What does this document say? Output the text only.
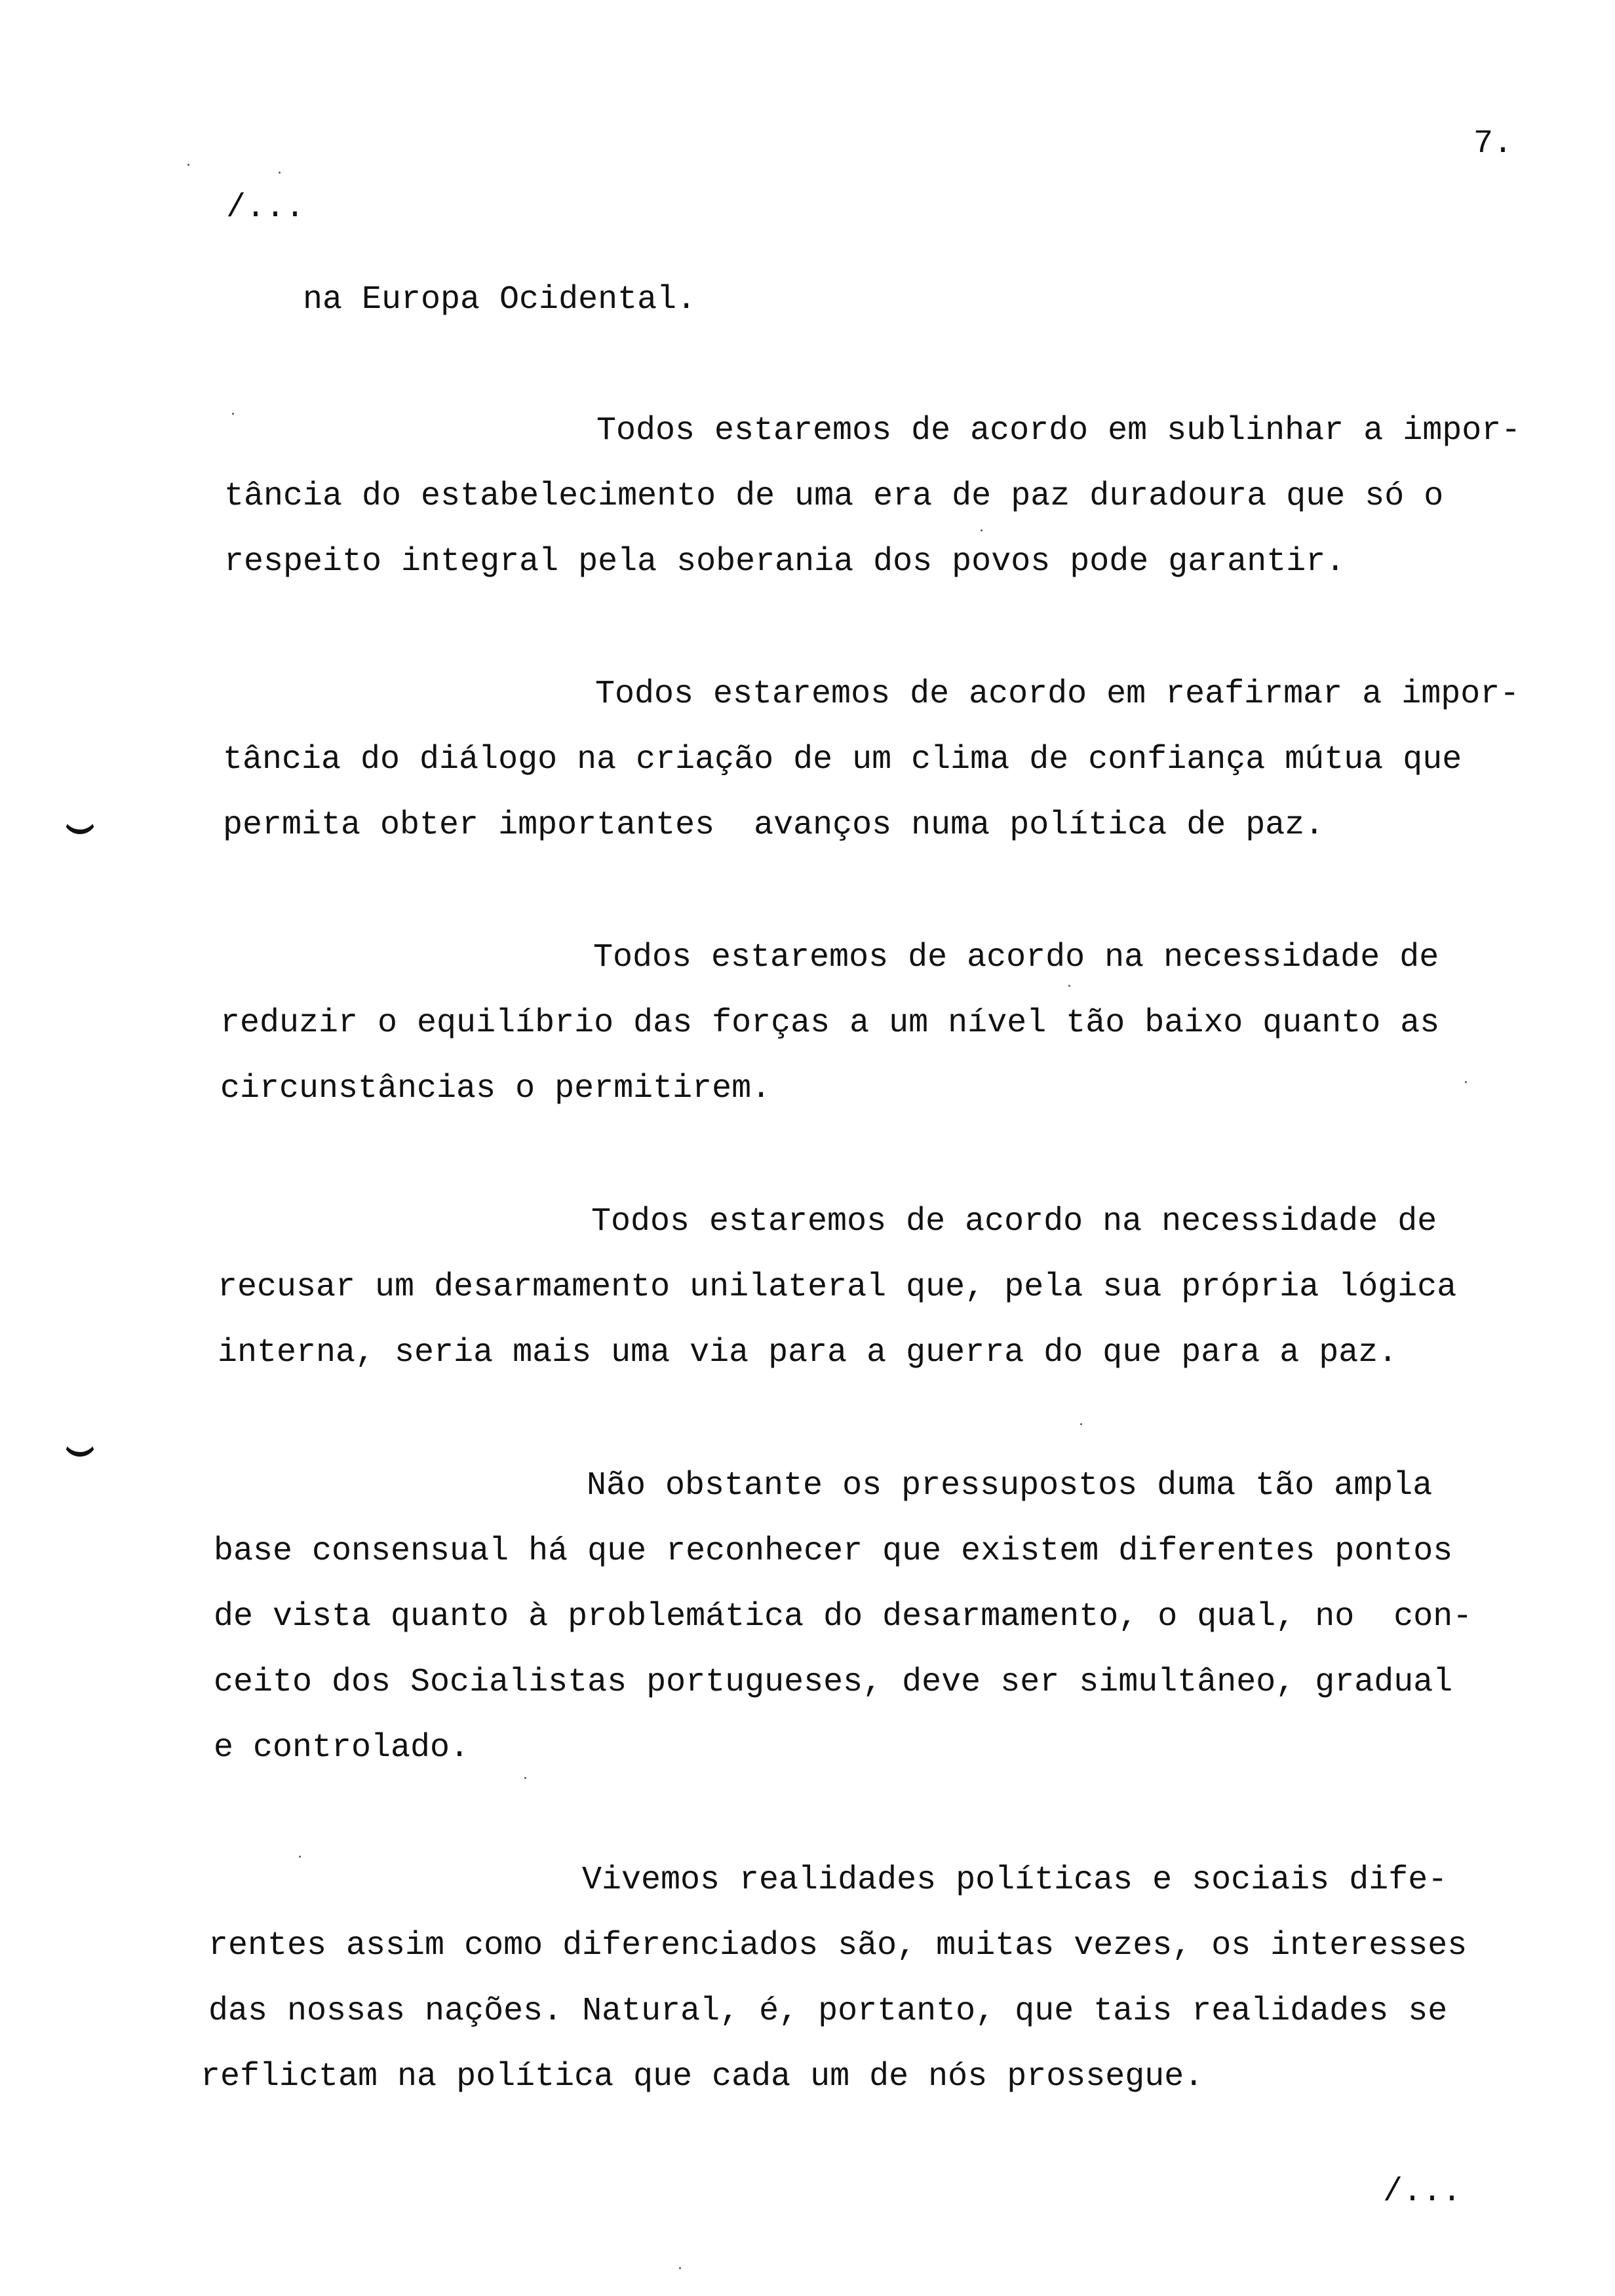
7.
/...
na Europa Ocidental.
Todos estaremos de acordo em sublinhar a impor-
tância do estabelecimento de uma era de paz duradoura que só o
respeito integral pela soberania dos povos pode garantir.
Todos estaremos de acordo em reafirmar a impor-
tância do diálogo na criação de um clima de confiança mútua que
permita obter importantes  avanços numa política de paz.
Todos estaremos de acordo na necessidade de
reduzir o equilíbrio das forças a um nível tão baixo quanto as
circunstâncias o permitirem.
Todos estaremos de acordo na necessidade de
recusar um desarmamento unilateral que, pela sua própria lógica
interna, seria mais uma via para a guerra do que para a paz.
Não obstante os pressupostos duma tão ampla
base consensual há que reconhecer que existem diferentes pontos
de vista quanto à problemática do desarmamento, o qual, no  con-
ceito dos Socialistas portugueses, deve ser simultâneo, gradual
e controlado.
Vivemos realidades políticas e sociais dife-
rentes assim como diferenciados são, muitas vezes, os interesses
das nossas nações. Natural, é, portanto, que tais realidades se
reflictam na política que cada um de nós prossegue.
/...
